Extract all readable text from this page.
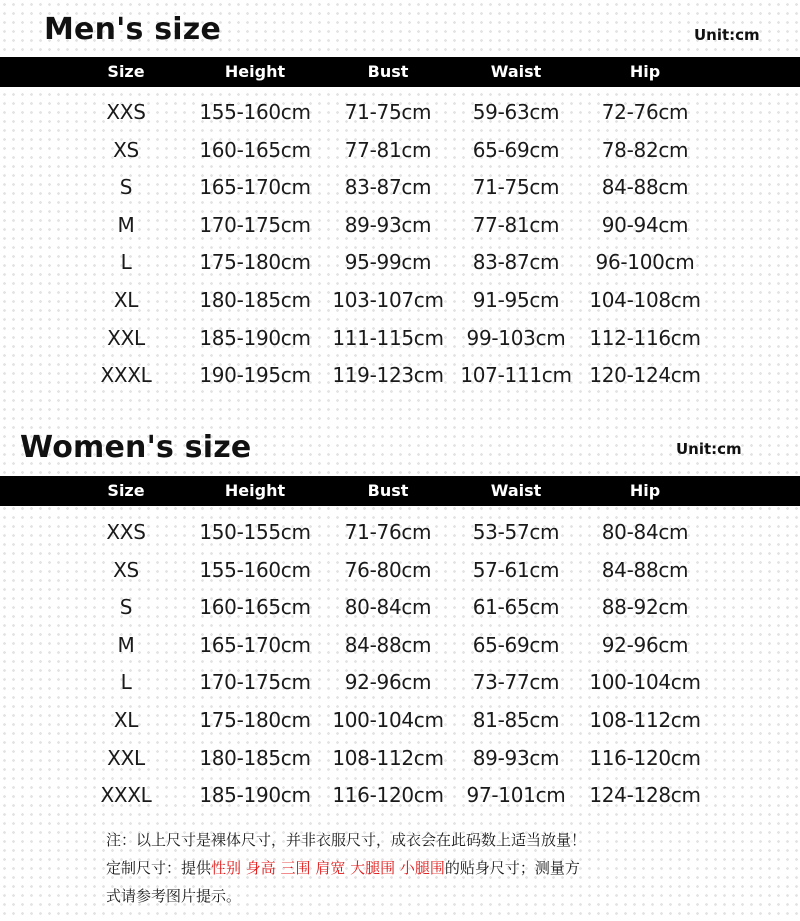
Men's size	Unit:cm
Size	Height	Bust	Waist	Hip
XXS	155-160cm 71-75cm 59-63cm 72-76cm
XS	160-165cm 77-81cm 65-69cm 78-82cm
S	165-170cm 83-87cm 71-75cm 84-88cm
M	170-175cm 89-93cm 77-81cm 90-94cm
L	175-180cm 95-99cm 83-87cm 96-100cm
XL	180-185cm 103-107cm 91-95cm 104-108cm
XXL	185-190cm 111-115cm 99-103cm 112-116cm
XXXL 190-195cm 119-123cm 107-111cm 120-124cm
Women's size	Unit:cm
Size	Height	Bust	Waist	Hip
XXS	150-155cm 71-76cm 53-57cm 80-84cm
XS	155-160cm 76-80cm 57-61cm 84-88cm
S	160-165cm 80-84cm 61-65cm 88-92cm
M	165-170cm 84-88cm 65-69cm 92-96cm
L	170-175cm 92-96cm 73-77cm 100-104cm
XL	175-180cm 100-104cm 81-85cm 108-112cm
XXL	180-185cm 108-112cm 89-93cm 116-120cm
XXXL 185-190cm 116-120cm 97-101cm 124-128cm
注：以上尺寸是裸体尺寸，并非衣服尺寸，成衣会在此码数上适当放量！
定制尺寸：提供性别 身高 三围 肩宽 大腿围 小腿围的贴身尺寸；测量方
式请参考图片提示。
